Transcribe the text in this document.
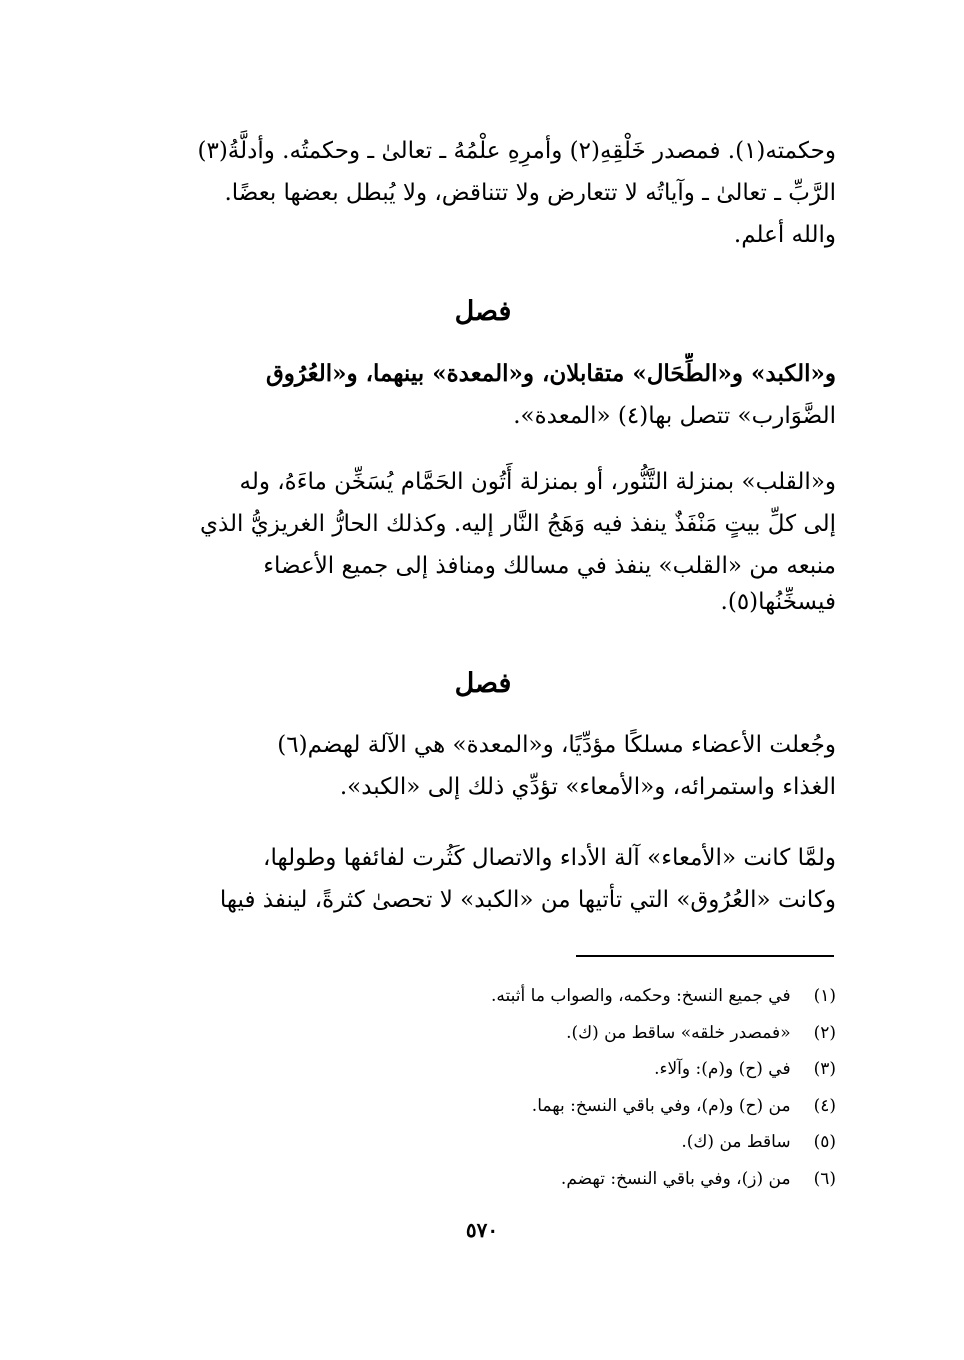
وحكمته(١). فمصدر خَلْقِهِ(٢) وأمرِهِ علْمُهُ ـ تعالىٰ ـ وحكمتُه. وأدلَّةُ(٣)
الرَّبِّ ـ تعالىٰ ـ وآياتُه لا تتعارض ولا تتناقض، ولا يُبطل بعضها بعضًا.
والله أعلم.
فصل
و«الكبد» و«الطِّحَال» متقابلان، و«المعدة» بينهما، و«العُرُوق
الضَّوَارب» تتصل بها(٤) «المعدة».
و«القلب» بمنزلة التَّنُّور، أو بمنزلة أَتُون الحَمَّام يُسَخِّن ماءَهُ، وله
إلى كلِّ بيتٍ مَنْفَذٌ ينفذ فيه وَهَجُ النَّار إليه. وكذلك الحارُّ الغريزيُّ الذي
منبعه من «القلب» ينفذ في مسالك ومنافذ إلى جميع الأعضاء
فيسخِّنُها(٥).
فصل
وجُعلت الأعضاء مسلكًا مؤدِّيًا، و«المعدة» هي الآلة لهضم(٦)
الغذاء واستمرائه، و«الأمعاء» تؤدِّي ذلك إلى «الكبد».
ولمَّا كانت «الأمعاء» آلة الأداء والاتصال كَثُرت لفائفها وطولها،
وكانت «العُرُوق» التي تأتيها من «الكبد» لا تحصىٰ كثرةً، لينفذ فيها
(١) في جميع النسخ: وحكمه، والصواب ما أثبته.
(٢) «فمصدر خلقه» ساقط من (ك).
(٣) في (ح) و(م): وآلاء.
(٤) من (ح) و(م)، وفي باقي النسخ: بهما.
(٥) ساقط من (ك).
(٦) من (ز)، وفي باقي النسخ: تهضم.
٥٧٠
